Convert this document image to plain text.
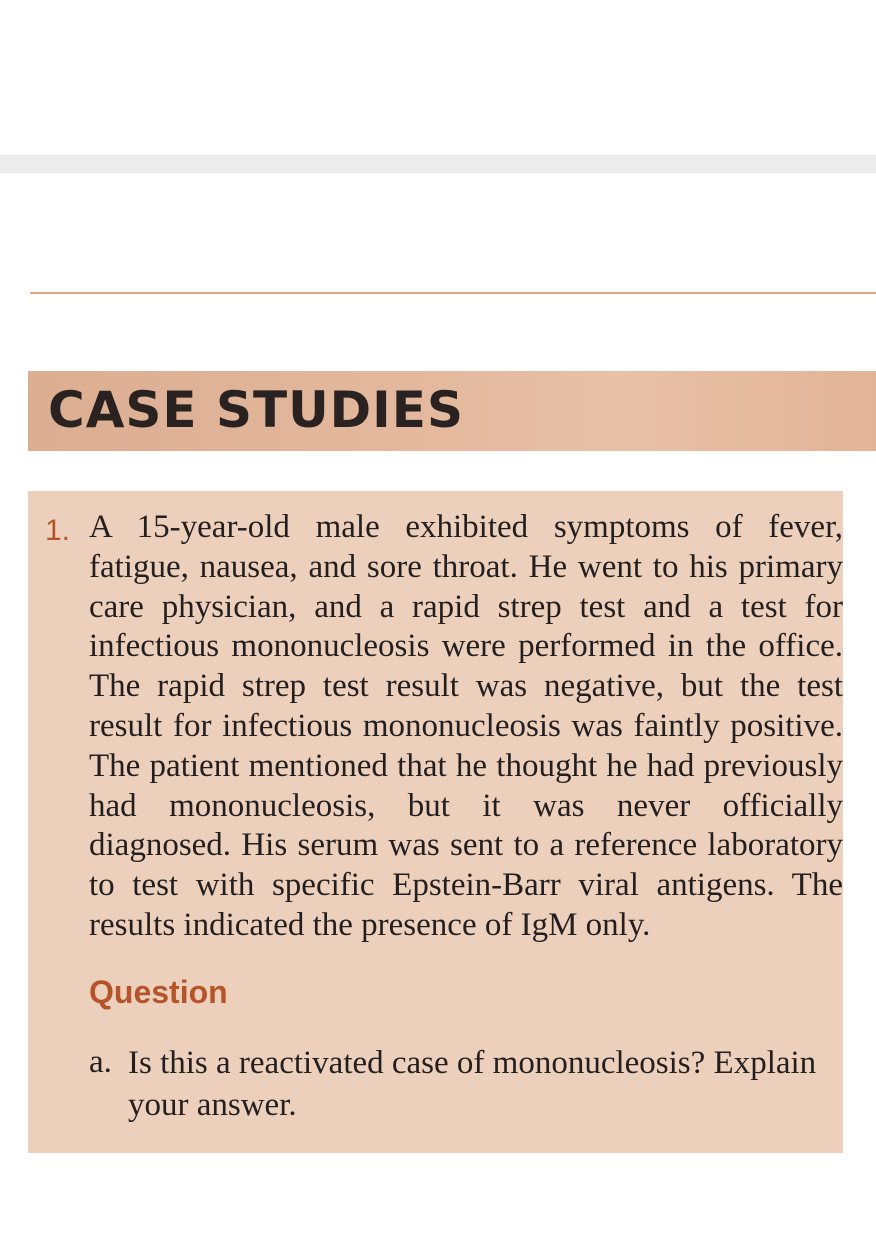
CASE STUDIES
1. A 15-year-old male exhibited symptoms of fever, fatigue, nausea, and sore throat. He went to his primary care physician, and a rapid strep test and a test for infectious mononucleosis were performed in the office. The rapid strep test result was negative, but the test result for infectious mononucleosis was faintly positive. The patient mentioned that he thought he had previously had mononucleosis, but it was never officially diagnosed. His serum was sent to a reference laboratory to test with specific Epstein-Barr viral antigens. The results indicated the presence of IgM only.

Question
a. Is this a reactivated case of mononucleosis? Explain your answer.
